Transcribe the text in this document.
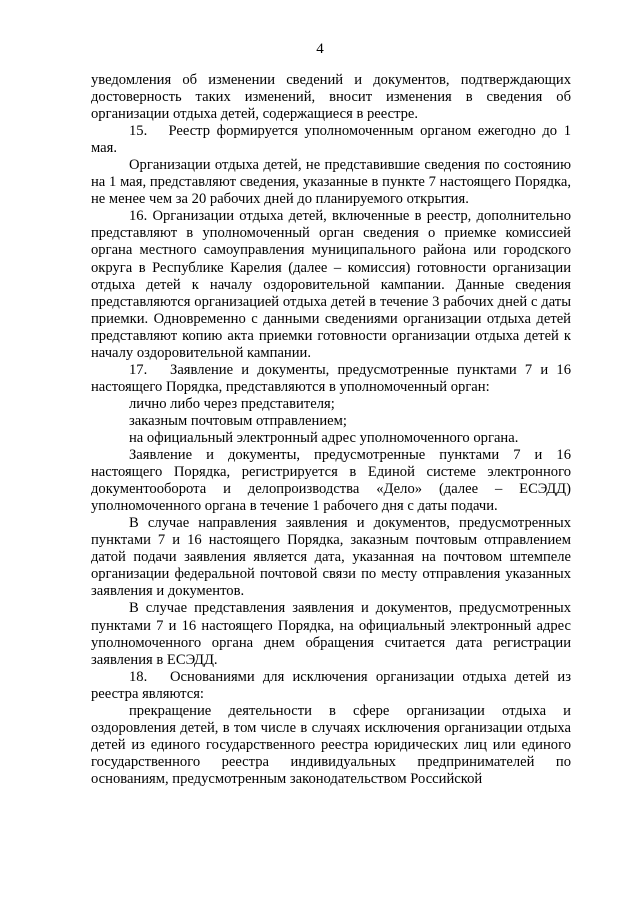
4

уведомления об изменении сведений и документов, подтверждающих достоверность таких изменений, вносит изменения в сведения об организации отдыха детей, содержащиеся в реестре.

15.  Реестр формируется уполномоченным органом ежегодно до 1 мая.

Организации отдыха детей, не представившие сведения по состоянию на 1 мая, представляют сведения, указанные в пункте 7 настоящего Порядка, не менее чем за 20 рабочих дней до планируемого открытия.

16. Организации отдыха детей, включенные в реестр, дополнительно представляют в уполномоченный орган сведения о приемке комиссией органа местного самоуправления муниципального района или городского округа в Республике Карелия (далее – комиссия) готовности организации отдыха детей к началу оздоровительной кампании. Данные сведения представляются организацией отдыха детей в течение 3 рабочих дней с даты приемки. Одновременно с данными сведениями организации отдыха детей представляют копию акта приемки готовности организации отдыха детей к началу оздоровительной кампании.

17.  Заявление и документы, предусмотренные пунктами 7 и 16 настоящего Порядка, представляются в уполномоченный орган:

лично либо через представителя;

заказным почтовым отправлением;

на официальный электронный адрес уполномоченного органа.

Заявление и документы, предусмотренные пунктами 7 и 16 настоящего Порядка, регистрируется в Единой системе электронного документооборота и делопроизводства «Дело» (далее – ЕСЭДД) уполномоченного органа в течение 1 рабочего дня с даты подачи.

В случае направления заявления и документов, предусмотренных пунктами 7 и 16 настоящего Порядка, заказным почтовым отправлением датой подачи заявления является дата, указанная на почтовом штемпеле организации федеральной почтовой связи по месту отправления указанных заявления и документов.

В случае представления заявления и документов, предусмотренных пунктами 7 и 16 настоящего Порядка, на официальный электронный адрес уполномоченного органа днем обращения считается дата регистрации заявления в ЕСЭДД.

18.  Основаниями для исключения организации отдыха детей из реестра являются:

прекращение деятельности в сфере организации отдыха и оздоровления детей, в том числе в случаях исключения организации отдыха детей из единого государственного реестра юридических лиц или единого государственного реестра индивидуальных предпринимателей по основаниям, предусмотренным законодательством Российской
